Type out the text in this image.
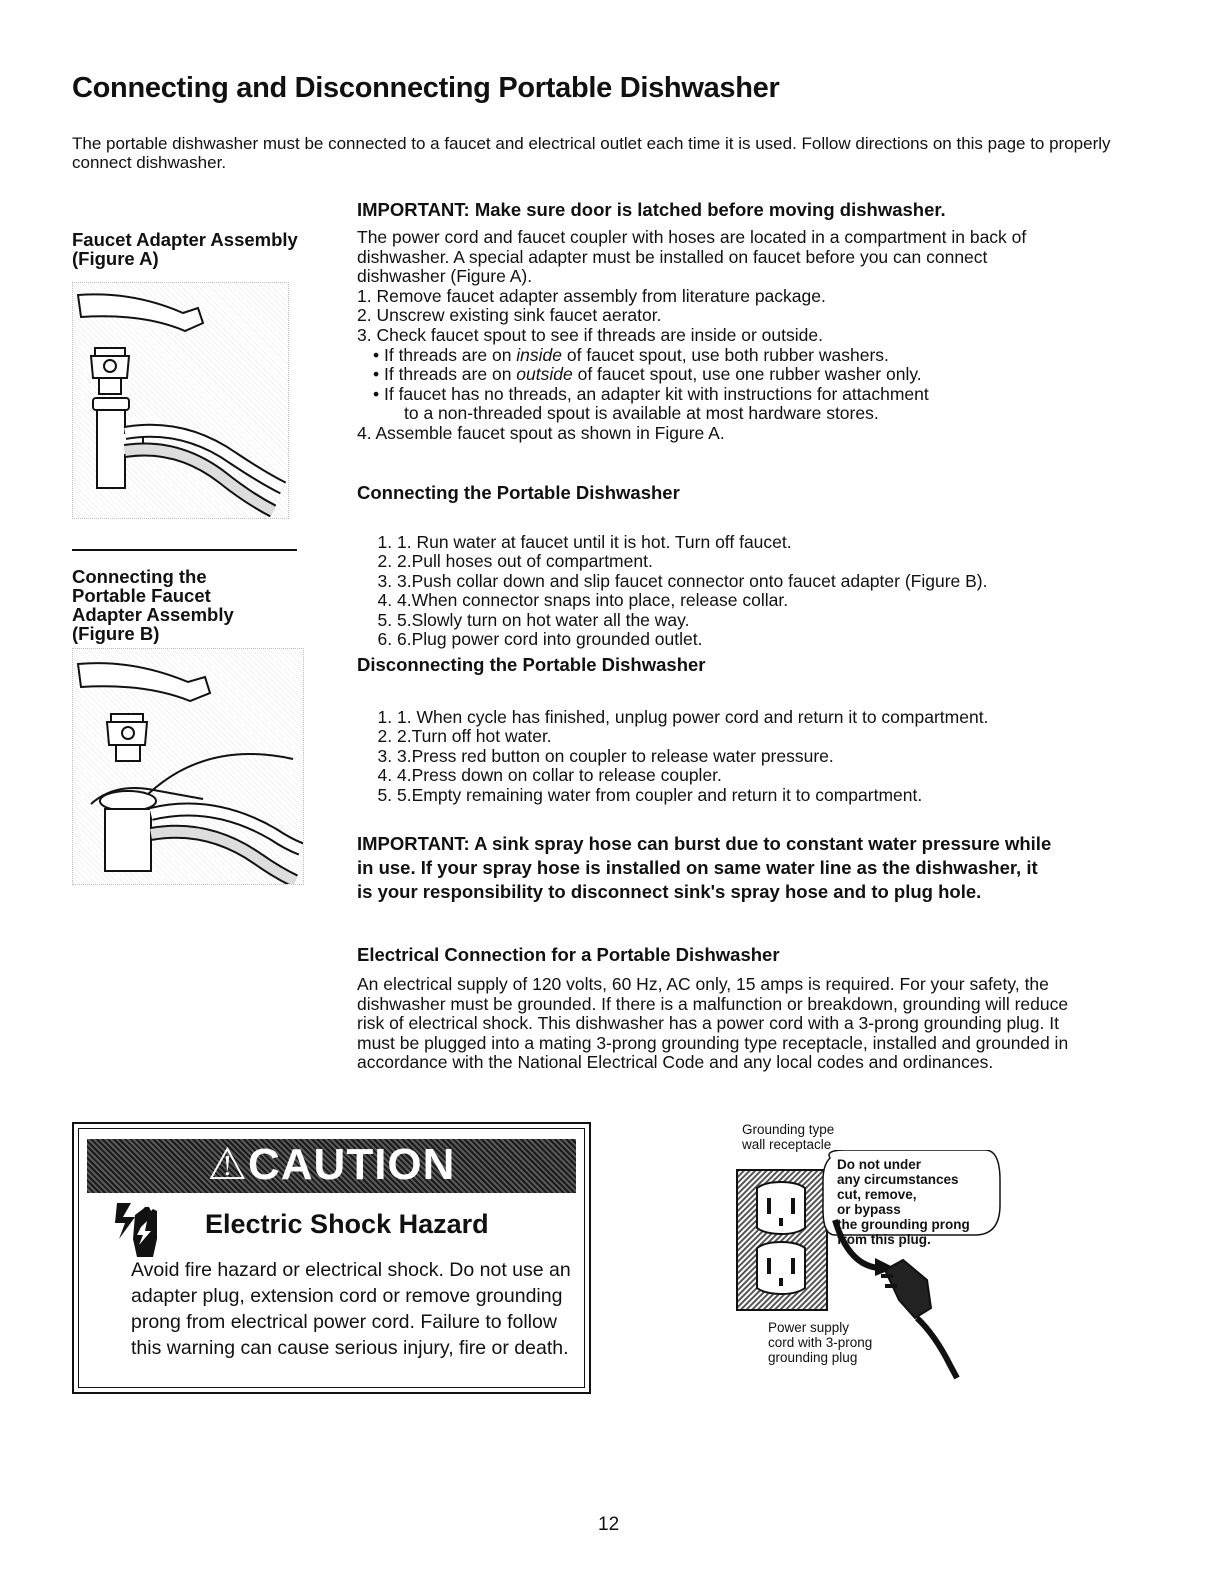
Connecting and Disconnecting Portable Dishwasher
The portable dishwasher must be connected to a faucet and electrical outlet each time it is used. Follow directions on this page to properly connect dishwasher.
Faucet Adapter Assembly
(Figure A)
Connecting the
Portable Faucet
Adapter Assembly
(Figure B)
IMPORTANT: Make sure door is latched before moving dishwasher.

The power cord and faucet coupler with hoses are located in a compartment in back of dishwasher. A special adapter must be installed on faucet before you can connect dishwasher (Figure A).

1. Remove faucet adapter assembly from literature package.
2. Unscrew existing sink faucet aerator.
3. Check faucet spout to see if threads are inside or outside.
• If threads are on inside of faucet spout, use both rubber washers.
• If threads are on outside of faucet spout, use one rubber washer only.
• If faucet has no threads, an adapter kit with instructions for attachment
to a non-threaded spout is available at most hardware stores.
4. Assemble faucet spout as shown in Figure A.
Connecting the Portable Dishwasher
1. 1. Run water at faucet until it is hot. Turn off faucet.
2. 2.Pull hoses out of compartment.
3. 3.Push collar down and slip faucet connector onto faucet adapter (Figure B).
4. 4.When connector snaps into place, release collar.
5. 5.Slowly turn on hot water all the way.
6. 6.Plug power cord into grounded outlet.
Disconnecting the Portable Dishwasher
1. 1. When cycle has finished, unplug power cord and return it to compartment.
2. 2.Turn off hot water.
3. 3.Press red button on coupler to release water pressure.
4. 4.Press down on collar to release coupler.
5. 5.Empty remaining water from coupler and return it to compartment.
IMPORTANT: A sink spray hose can burst due to constant water pressure while in use. If your spray hose is installed on same water line as the dishwasher, it is your responsibility to disconnect sink's spray hose and to plug hole.
Electrical Connection for a Portable Dishwasher
An electrical supply of 120 volts, 60 Hz, AC only, 15 amps is required. For your safety, the dishwasher must be grounded. If there is a malfunction or breakdown, grounding will reduce risk of electrical shock. This dishwasher has a power cord with a 3-prong grounding plug. It must be plugged into a mating 3-prong grounding type receptacle, installed and grounded in accordance with the National Electrical Code and any local codes and ordinances.
⚠CAUTION
Electric Shock Hazard
Avoid fire hazard or electrical shock. Do not use an adapter plug, extension cord or remove grounding prong from electrical power cord. Failure to follow this warning can cause serious injury, fire or death.
Grounding type
wall receptacle
Do not under
any circumstances
cut, remove,
or bypass
the grounding prong
from this plug.
Power supply
cord with 3-prong
grounding plug
12
